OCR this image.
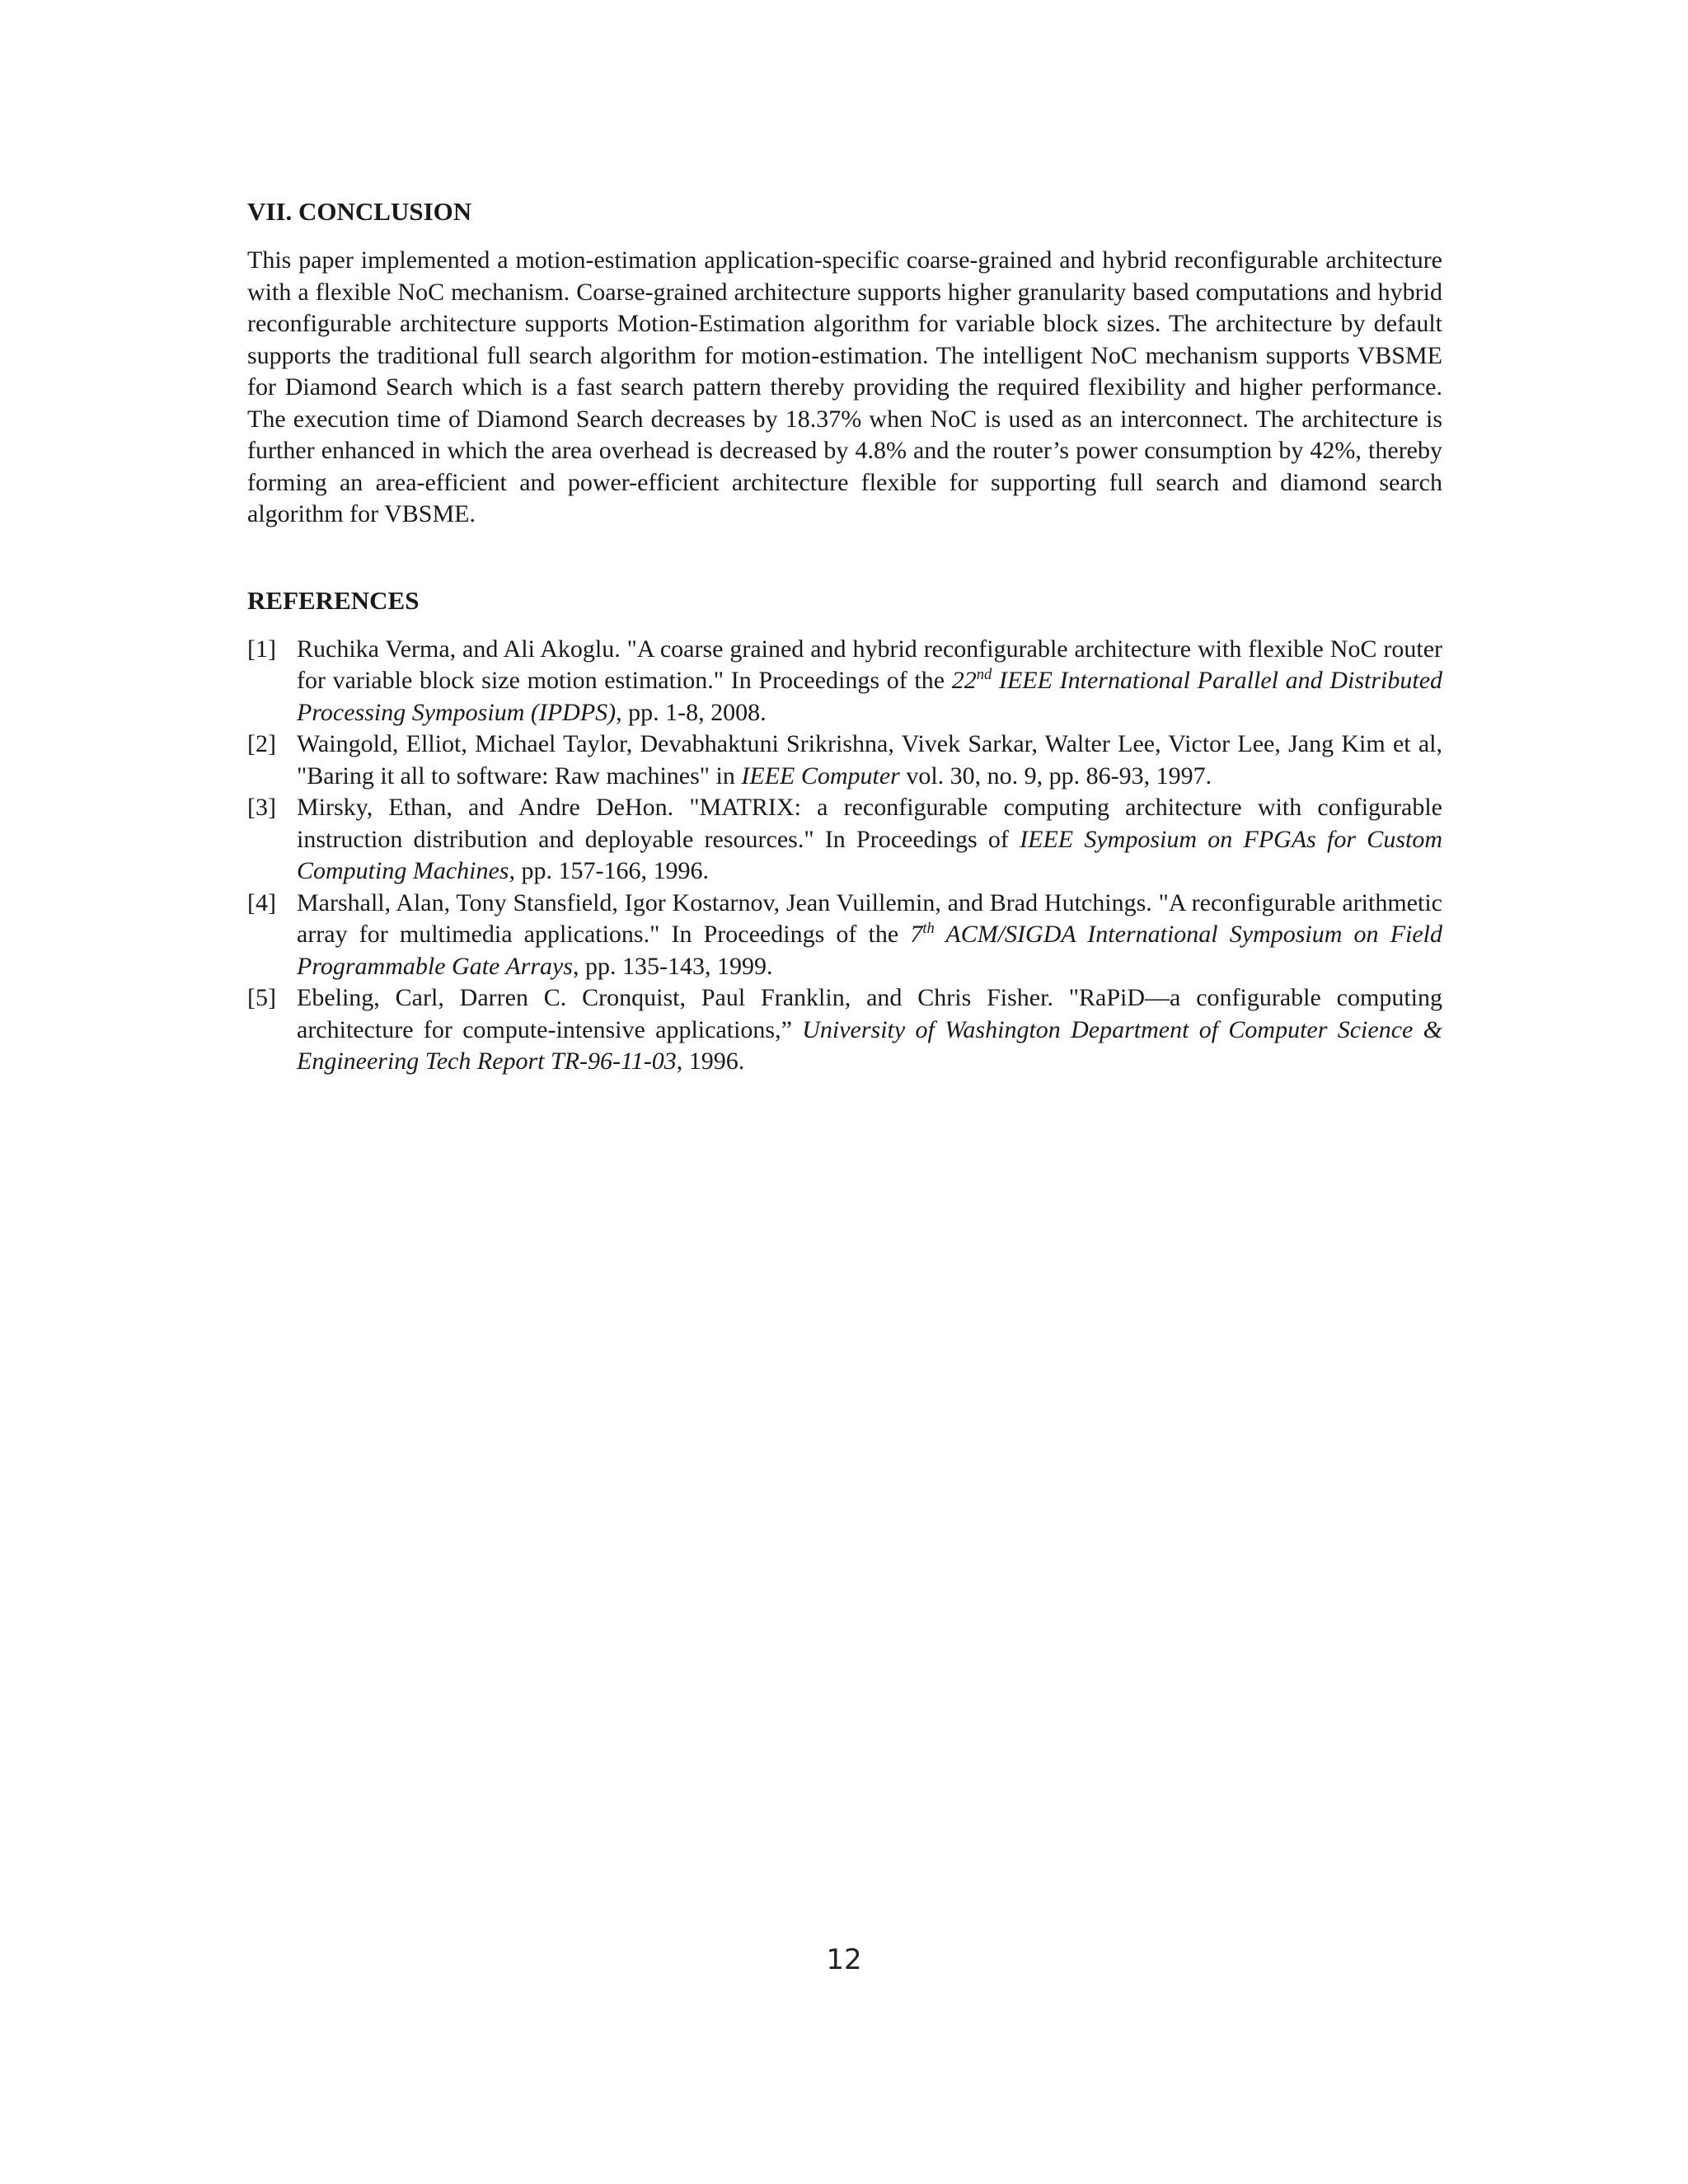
VII. CONCLUSION

This paper implemented a motion-estimation application-specific coarse-grained and hybrid reconfigurable architecture with a flexible NoC mechanism. Coarse-grained architecture supports higher granularity based computations and hybrid reconfigurable architecture supports Motion-Estimation algorithm for variable block sizes. The architecture by default supports the traditional full search algorithm for motion-estimation. The intelligent NoC mechanism supports VBSME for Diamond Search which is a fast search pattern thereby providing the required flexibility and higher performance. The execution time of Diamond Search decreases by 18.37% when NoC is used as an interconnect. The architecture is further enhanced in which the area overhead is decreased by 4.8% and the router’s power consumption by 42%, thereby forming an area-efficient and power-efficient architecture flexible for supporting full search and diamond search algorithm for VBSME.

REFERENCES
[1] Ruchika Verma, and Ali Akoglu. "A coarse grained and hybrid reconfigurable architecture with flexible NoC router for variable block size motion estimation." In Proceedings of the 22nd IEEE International Parallel and Distributed Processing Symposium (IPDPS), pp. 1-8, 2008.
[2] Waingold, Elliot, Michael Taylor, Devabhaktuni Srikrishna, Vivek Sarkar, Walter Lee, Victor Lee, Jang Kim et al, "Baring it all to software: Raw machines" in IEEE Computer vol. 30, no. 9, pp. 86-93, 1997.
[3] Mirsky, Ethan, and Andre DeHon. "MATRIX: a reconfigurable computing architecture with configurable instruction distribution and deployable resources." In Proceedings of IEEE Symposium on FPGAs for Custom Computing Machines, pp. 157-166, 1996.
[4] Marshall, Alan, Tony Stansfield, Igor Kostarnov, Jean Vuillemin, and Brad Hutchings. "A reconfigurable arithmetic array for multimedia applications." In Proceedings of the 7th ACM/SIGDA International Symposium on Field Programmable Gate Arrays, pp. 135-143, 1999.
[5] Ebeling, Carl, Darren C. Cronquist, Paul Franklin, and Chris Fisher. "RaPiD—a configurable computing architecture for compute-intensive applications,” University of Washington Department of Computer Science & Engineering Tech Report TR-96-11-03, 1996.
12
